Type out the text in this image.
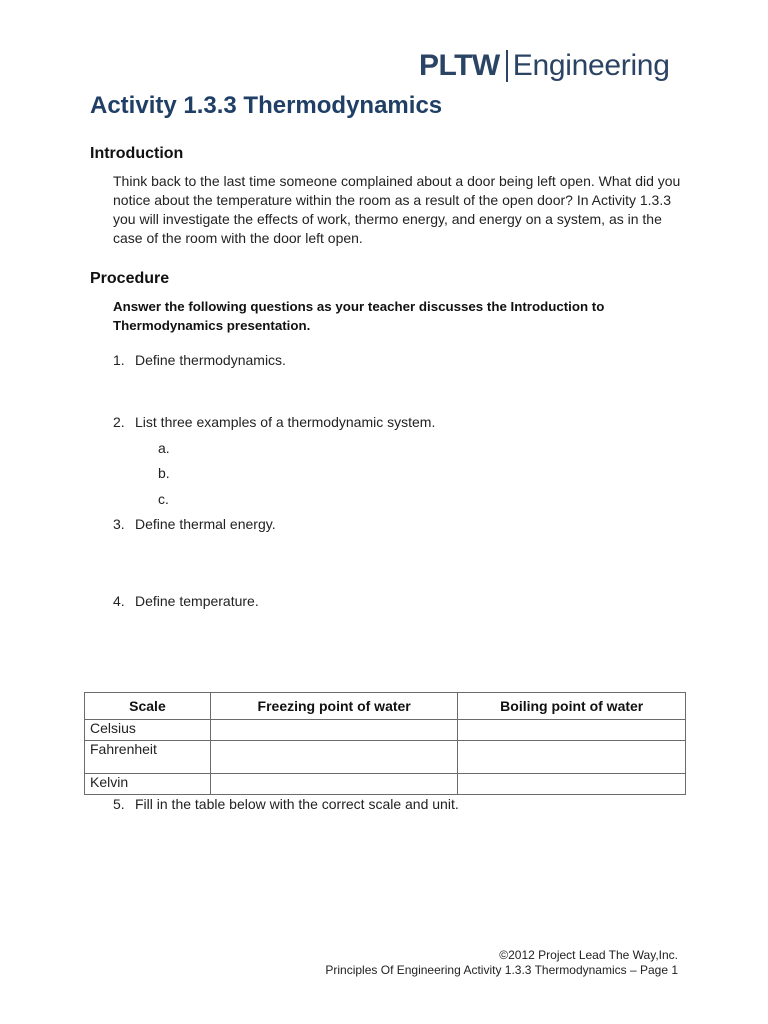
PLTW Engineering
Activity 1.3.3 Thermodynamics
Introduction

Think back to the last time someone complained about a door being left open. What did you notice about the temperature within the room as a result of the open door? In Activity 1.3.3 you will investigate the effects of work, thermo energy, and energy on a system, as in the case of the room with the door left open.

Procedure

Answer the following questions as your teacher discusses the Introduction to Thermodynamics presentation.

1. Define thermodynamics.
2. List three examples of a thermodynamic system.
a.
b.
c.
3. Define thermal energy.
4. Define temperature.
Scale	Freezing point of water	Boiling point of water
Celsius		
Fahrenheit		
Kelvin		
5. Fill in the table below with the correct scale and unit.
©2012 Project Lead The Way,Inc.
Principles Of Engineering Activity 1.3.3 Thermodynamics – Page 1
